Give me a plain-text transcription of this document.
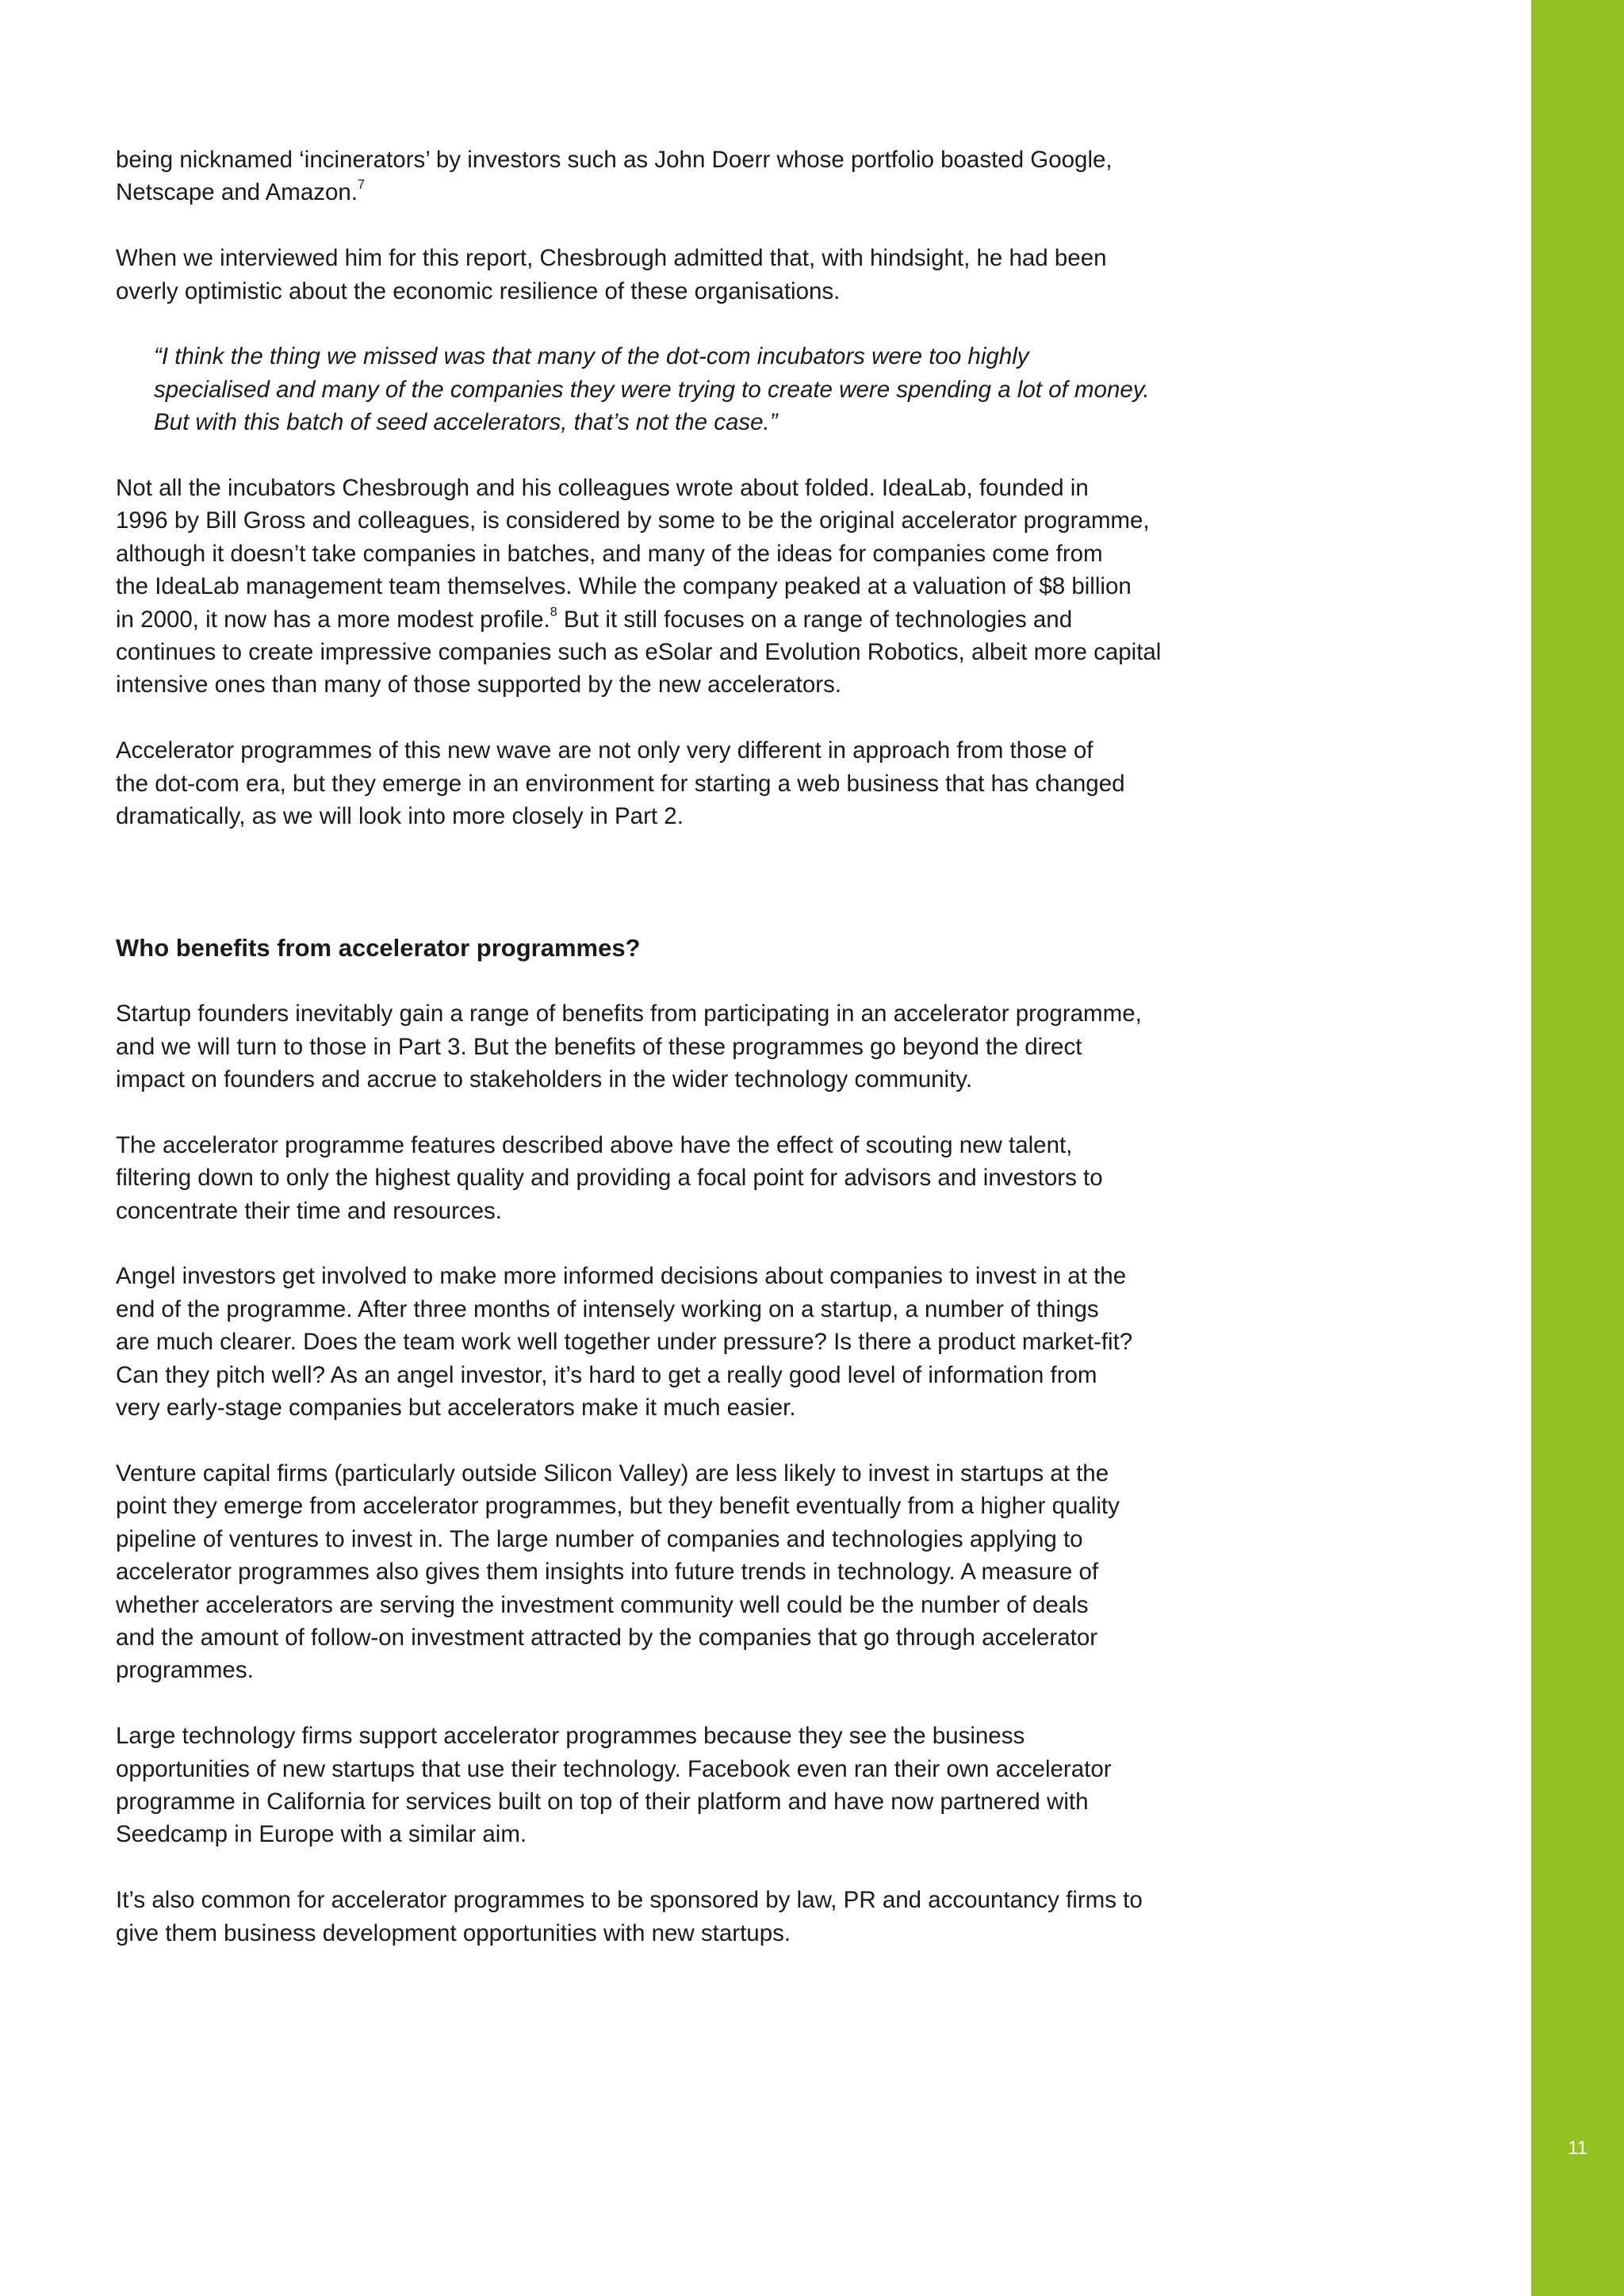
11

being nicknamed ‘incinerators’ by investors such as John Doerr whose portfolio boasted Google,
Netscape and Amazon.$^7$

When we interviewed him for this report, Chesbrough admitted that, with hindsight, he had been
overly optimistic about the economic resilience of these organisations.

“I think the thing we missed was that many of the dot-com incubators were too highly
specialised and many of the companies they were trying to create were spending a lot of money.
But with this batch of seed accelerators, that’s not the case.”

Not all the incubators Chesbrough and his colleagues wrote about folded. IdeaLab, founded in
1996 by Bill Gross and colleagues, is considered by some to be the original accelerator programme,
although it doesn’t take companies in batches, and many of the ideas for companies come from
the IdeaLab management team themselves. While the company peaked at a valuation of $8 billion
in 2000, it now has a more modest profile.$^8$ But it still focuses on a range of technologies and
continues to create impressive companies such as eSolar and Evolution Robotics, albeit more capital
intensive ones than many of those supported by the new accelerators.

Accelerator programmes of this new wave are not only very different in approach from those of
the dot-com era, but they emerge in an environment for starting a web business that has changed
dramatically, as we will look into more closely in Part 2.

Who benefits from accelerator programmes?

Startup founders inevitably gain a range of benefits from participating in an accelerator programme,
and we will turn to those in Part 3. But the benefits of these programmes go beyond the direct
impact on founders and accrue to stakeholders in the wider technology community.

The accelerator programme features described above have the effect of scouting new talent,
filtering down to only the highest quality and providing a focal point for advisors and investors to
concentrate their time and resources.

Angel investors get involved to make more informed decisions about companies to invest in at the
end of the programme. After three months of intensely working on a startup, a number of things
are much clearer. Does the team work well together under pressure? Is there a product market-fit?
Can they pitch well? As an angel investor, it’s hard to get a really good level of information from
very early-stage companies but accelerators make it much easier.

Venture capital firms (particularly outside Silicon Valley) are less likely to invest in startups at the
point they emerge from accelerator programmes, but they benefit eventually from a higher quality
pipeline of ventures to invest in. The large number of companies and technologies applying to
accelerator programmes also gives them insights into future trends in technology. A measure of
whether accelerators are serving the investment community well could be the number of deals
and the amount of follow-on investment attracted by the companies that go through accelerator
programmes.

Large technology firms support accelerator programmes because they see the business
opportunities of new startups that use their technology. Facebook even ran their own accelerator
programme in California for services built on top of their platform and have now partnered with
Seedcamp in Europe with a similar aim.

It’s also common for accelerator programmes to be sponsored by law, PR and accountancy firms to
give them business development opportunities with new startups.
